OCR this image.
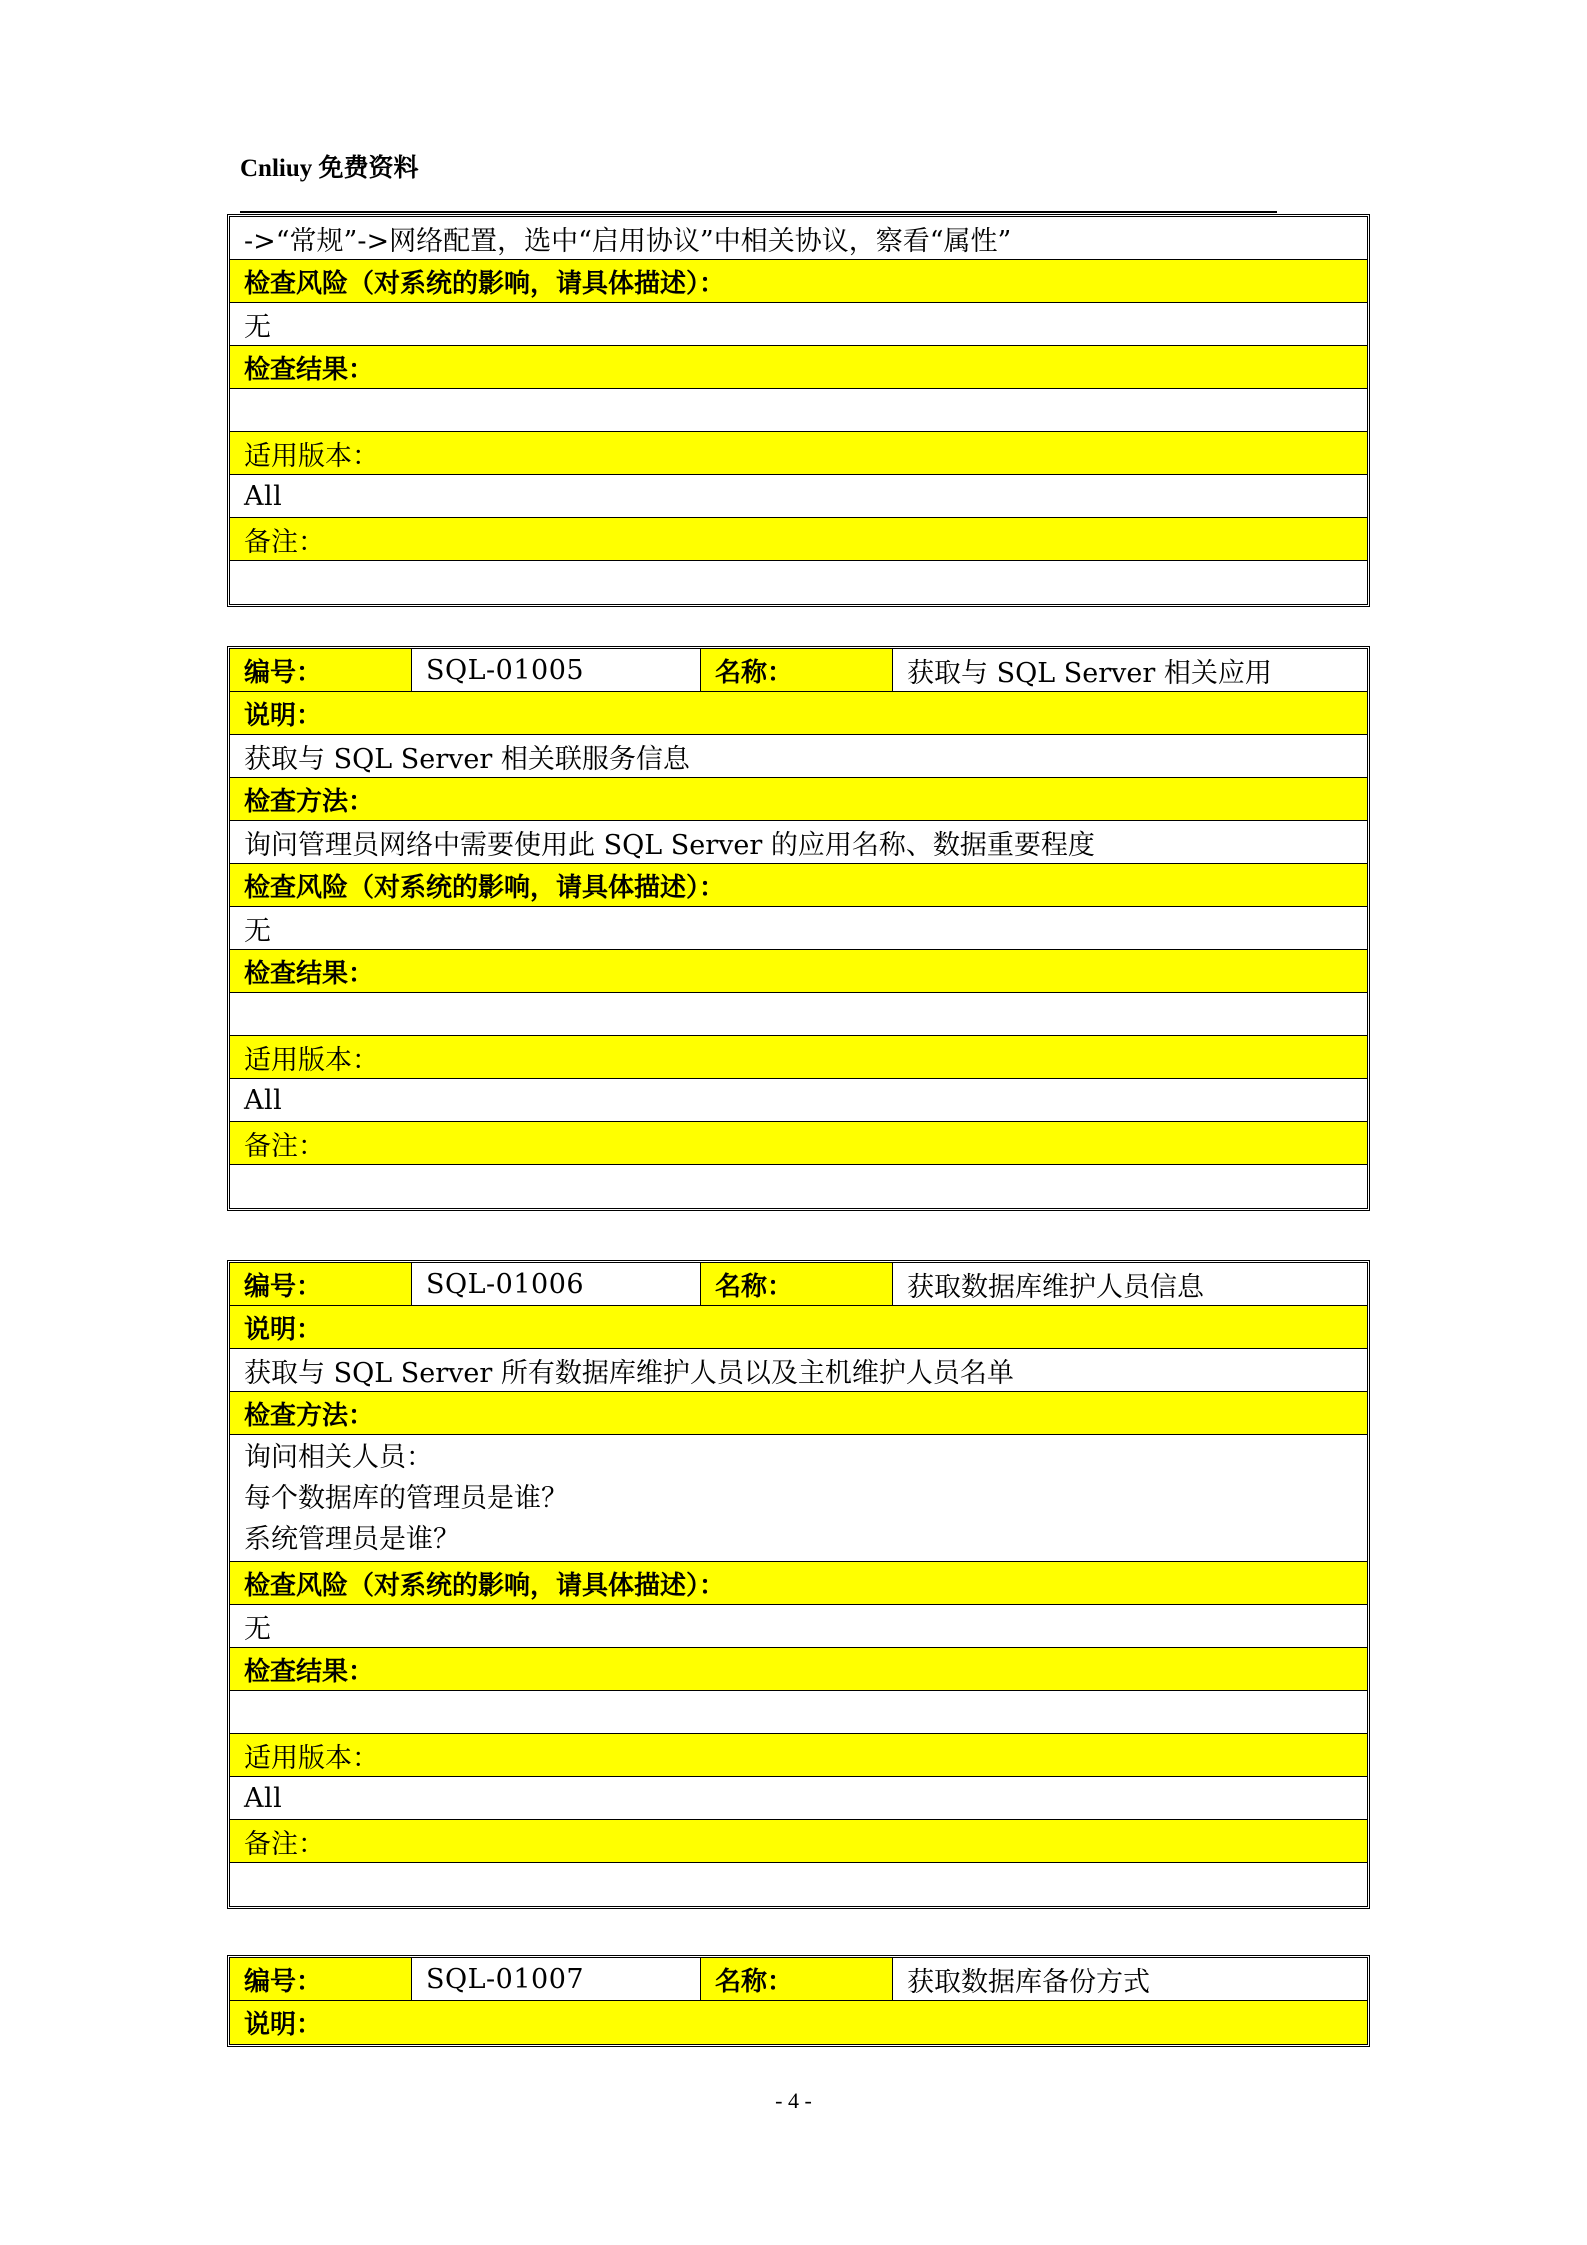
Cnliuy 免费资料
->“常规”->网络配置，选中“启用协议”中相关协议，察看“属性”
检查风险（对系统的影响，请具体描述）：
无
检查结果：
适用版本：
All
备注：
编号：	SQL-01005	名称：	获取与 SQL Server 相关应用
说明：
获取与 SQL Server 相关联服务信息
检查方法：
询问管理员网络中需要使用此 SQL Server 的应用名称、数据重要程度
检查风险（对系统的影响，请具体描述）：
无
检查结果：
适用版本：
All
备注：
编号：	SQL-01006	名称：	获取数据库维护人员信息
说明：
获取与 SQL Server 所有数据库维护人员以及主机维护人员名单
检查方法：
询问相关人员：
每个数据库的管理员是谁？
系统管理员是谁？
检查风险（对系统的影响，请具体描述）：
无
检查结果：
适用版本：
All
备注：
编号：	SQL-01007	名称：	获取数据库备份方式
说明：
- 4 -
